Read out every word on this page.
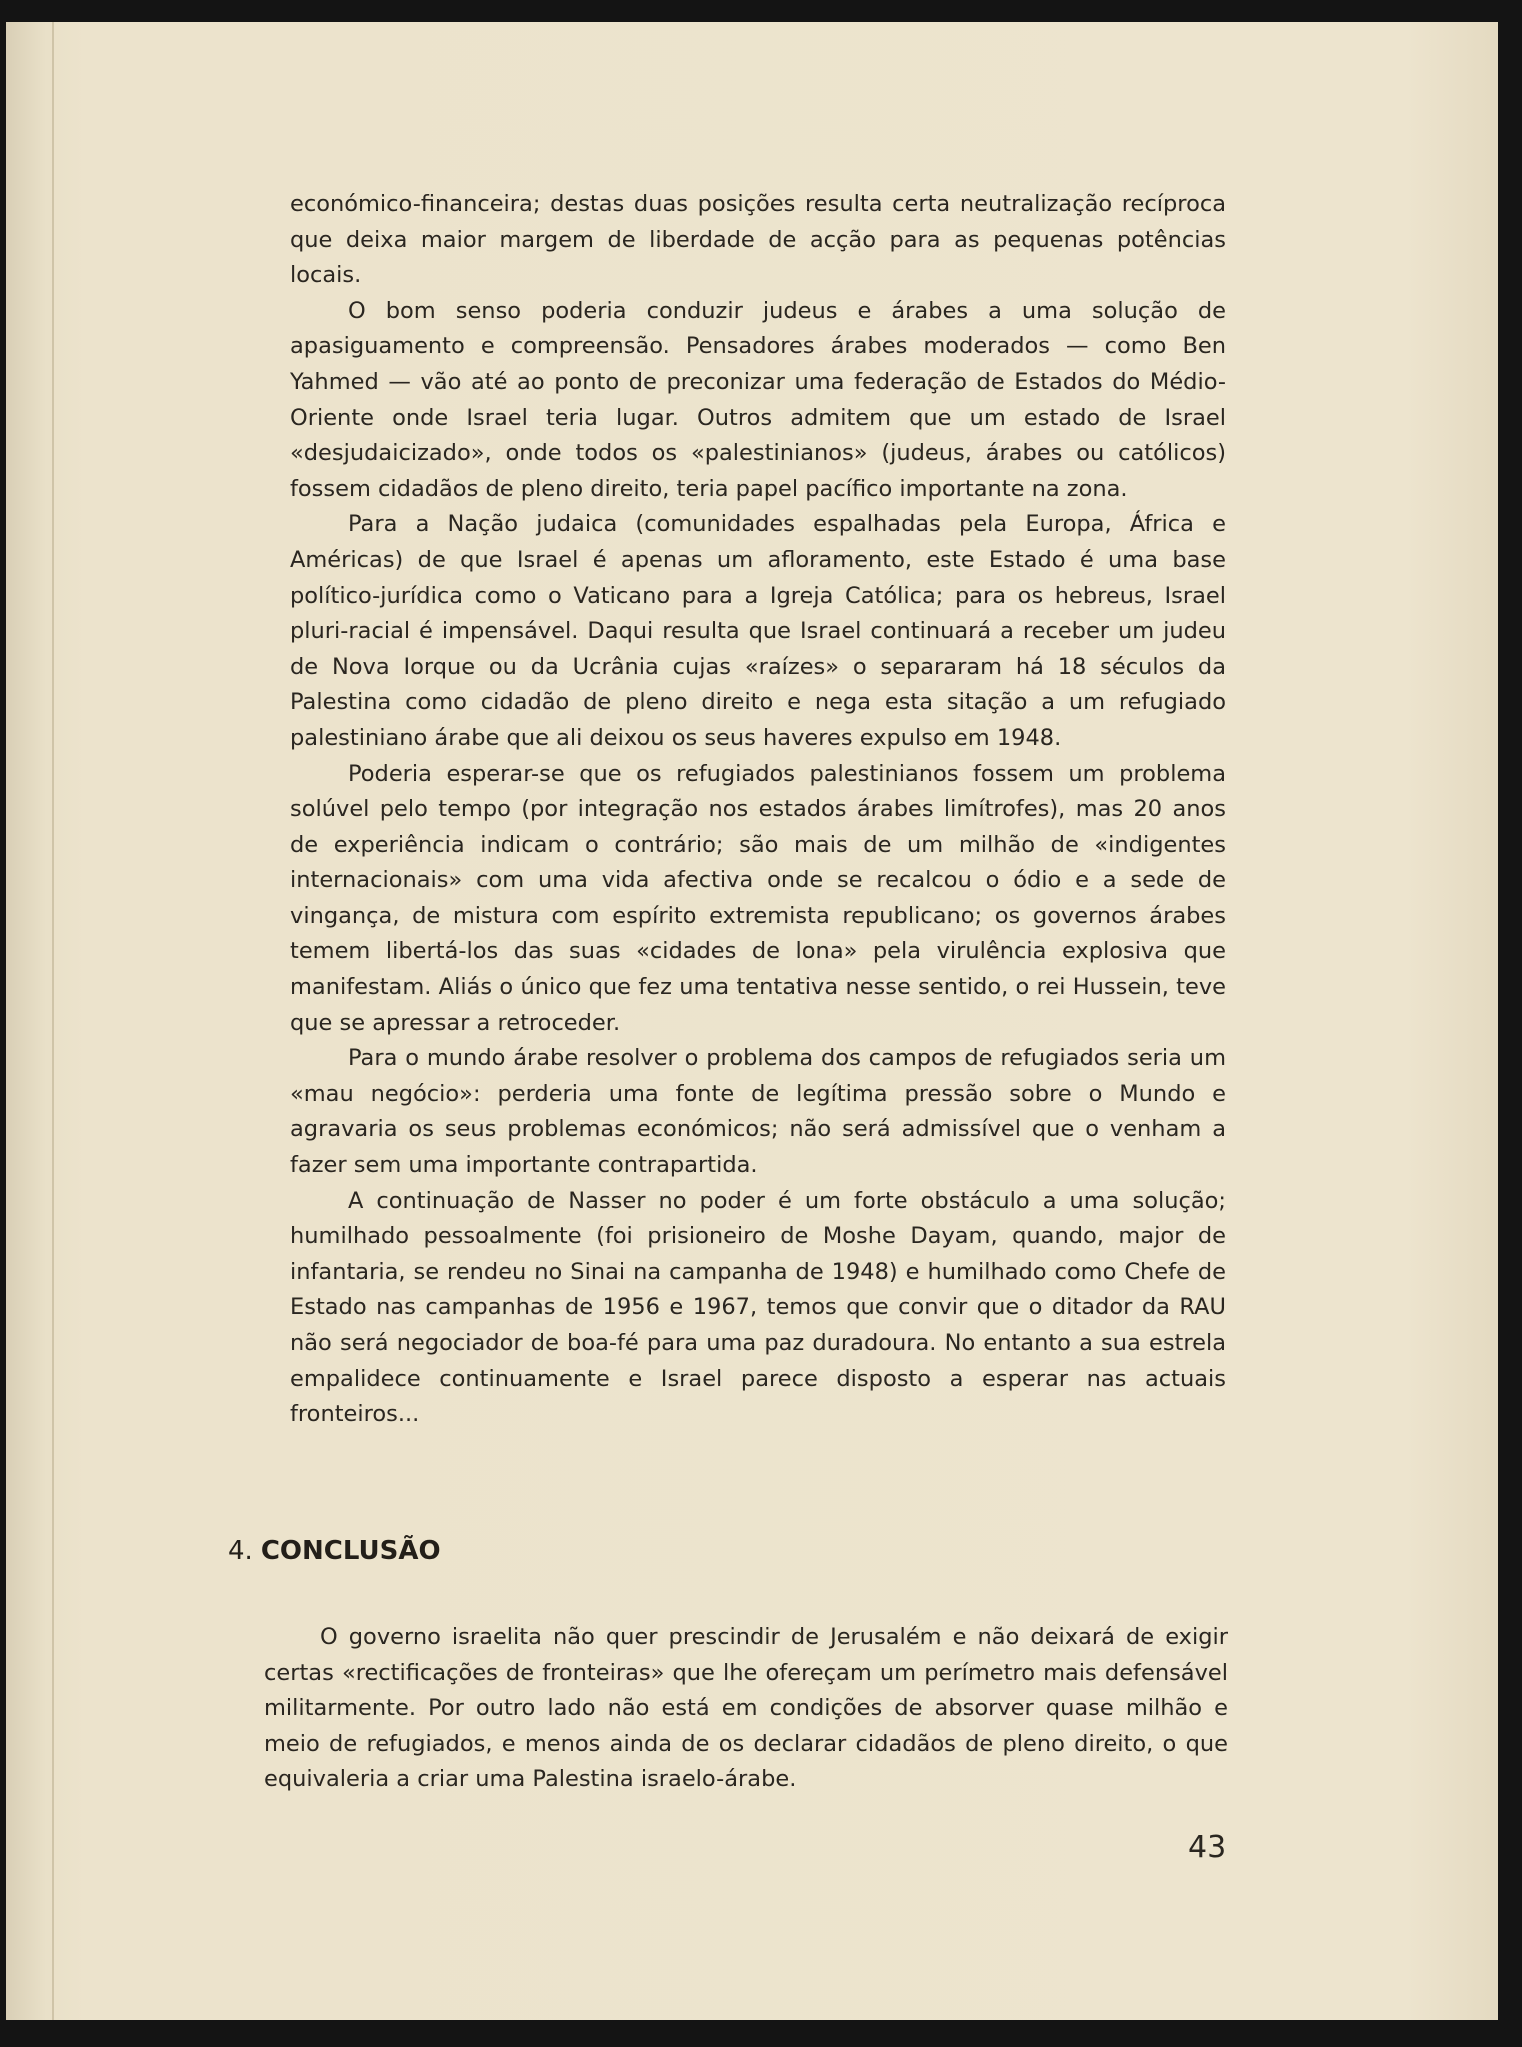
económico-financeira; destas duas posições resulta certa neutralização recíproca que deixa maior margem de liberdade de acção para as pequenas potências locais.

O bom senso poderia conduzir judeus e árabes a uma solução de apasiguamento e compreensão. Pensadores árabes moderados — como Ben Yahmed — vão até ao ponto de preconizar uma federação de Estados do Médio-Oriente onde Israel teria lugar. Outros admitem que um estado de Israel «desjudaicizado», onde todos os «palestinianos» (judeus, árabes ou católicos) fossem cidadãos de pleno direito, teria papel pacífico importante na zona.

Para a Nação judaica (comunidades espalhadas pela Europa, África e Américas) de que Israel é apenas um afloramento, este Estado é uma base político-jurídica como o Vaticano para a Igreja Católica; para os hebreus, Israel pluri-racial é impensável. Daqui resulta que Israel continuará a receber um judeu de Nova Iorque ou da Ucrânia cujas «raízes» o separaram há 18 séculos da Palestina como cidadão de pleno direito e nega esta sitação a um refugiado palestiniano árabe que ali deixou os seus haveres expulso em 1948.

Poderia esperar-se que os refugiados palestinianos fossem um problema solúvel pelo tempo (por integração nos estados árabes limítrofes), mas 20 anos de experiência indicam o contrário; são mais de um milhão de «indigentes internacionais» com uma vida afectiva onde se recalcou o ódio e a sede de vingança, de mistura com espírito extremista republicano; os governos árabes temem libertá-los das suas «cidades de lona» pela virulência explosiva que manifestam. Aliás o único que fez uma tentativa nesse sentido, o rei Hussein, teve que se apressar a retroceder.

Para o mundo árabe resolver o problema dos campos de refugiados seria um «mau negócio»: perderia uma fonte de legítima pressão sobre o Mundo e agravaria os seus problemas económicos; não será admissível que o venham a fazer sem uma importante contrapartida.

A continuação de Nasser no poder é um forte obstáculo a uma solução; humilhado pessoalmente (foi prisioneiro de Moshe Dayam, quando, major de infantaria, se rendeu no Sinai na campanha de 1948) e humilhado como Chefe de Estado nas campanhas de 1956 e 1967, temos que convir que o ditador da RAU não será negociador de boa-fé para uma paz duradoura. No entanto a sua estrela empalidece continuamente e Israel parece disposto a esperar nas actuais fronteiros...

4. CONCLUSÃO

O governo israelita não quer prescindir de Jerusalém e não deixará de exigir certas «rectificações de fronteiras» que lhe ofereçam um perímetro mais defensável militarmente. Por outro lado não está em condições de absorver quase milhão e meio de refugiados, e menos ainda de os declarar cidadãos de pleno direito, o que equivaleria a criar uma Palestina israelo-árabe.

43
